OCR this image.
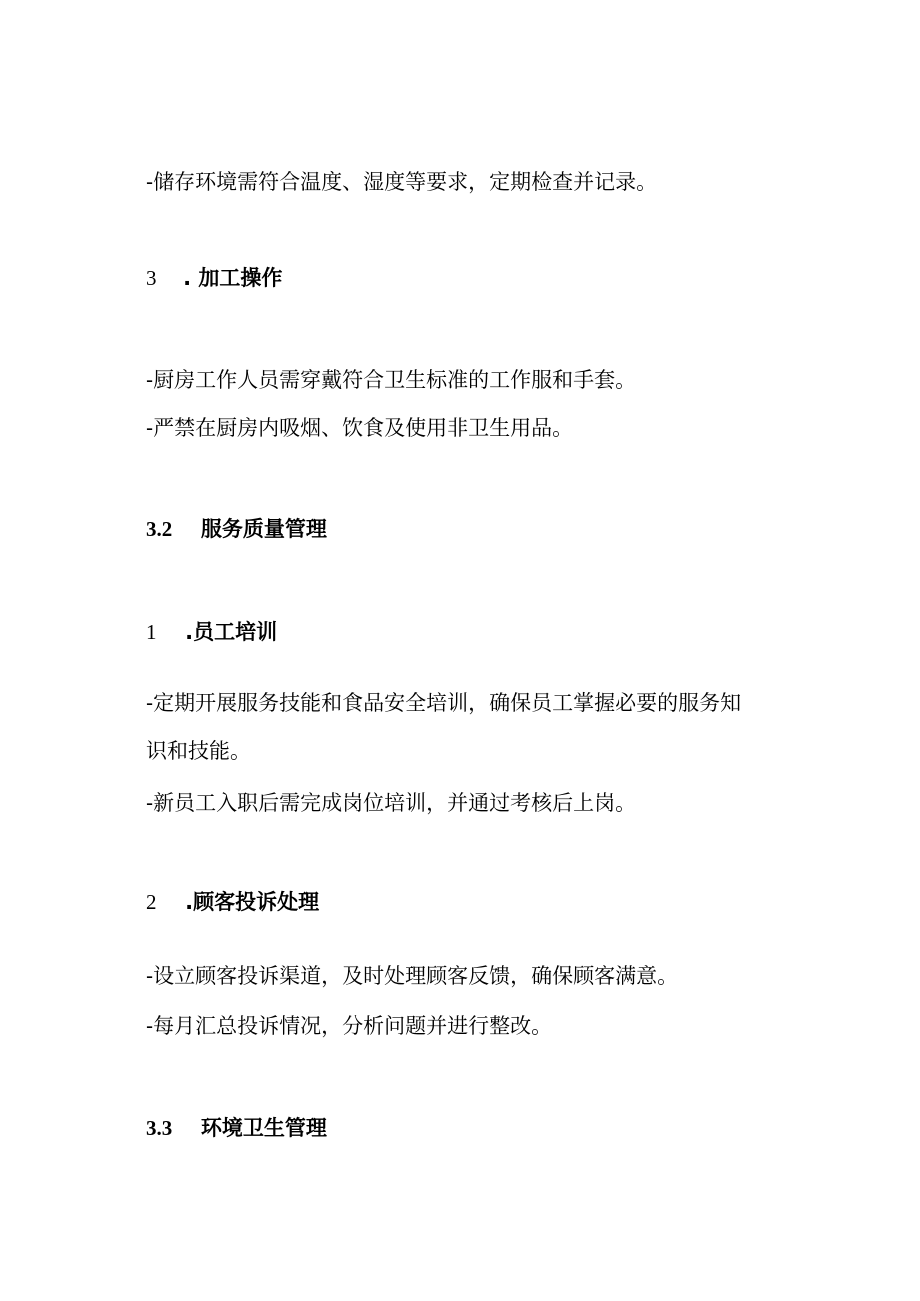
-储存环境需符合温度、湿度等要求，定期检查并记录。

3 . 加工操作

-厨房工作人员需穿戴符合卫生标准的工作服和手套。

-严禁在厨房内吸烟、饮食及使用非卫生用品。

3.2 服务质量管理

1 .员工培训

-定期开展服务技能和食品安全培训，确保员工掌握必要的服务知

识和技能。

-新员工入职后需完成岗位培训，并通过考核后上岗。

2 .顾客投诉处理

-设立顾客投诉渠道，及时处理顾客反馈，确保顾客满意。

-每月汇总投诉情况，分析问题并进行整改。

3.3 环境卫生管理
